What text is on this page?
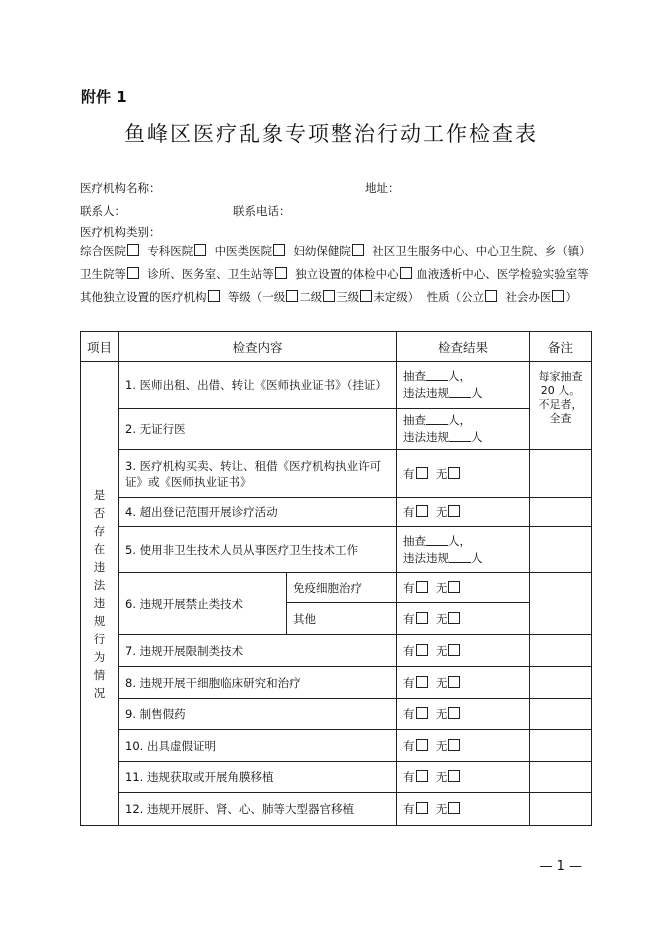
附件 1
鱼峰区医疗乱象专项整治行动工作检查表
医疗机构名称：	地址：
联系人：	联系电话：
医疗机构类别：
综合医院 专科医院 中医类医院 妇幼保健院 社区卫生服务中心、中心卫生院、乡（镇）卫生院等 诊所、医务室、卫生站等 独立设置的体检中心 血液透析中心、医学检验实验室等其他独立设置的医疗机构 等级（一级 二级 三级 未定级） 性质（公立 社会办医 ）
项目	检查内容		检查结果	备注

是否存在违法违规行为情况	1. 医师出租、出借、转让《医师执业证书》（挂证）		抽查 人，
违法违规 人	每家抽查 20 人。不足者，全查

	2. 无证行医		抽查 人，
违法违规 人	

	3. 医疗机构买卖、转让、租借《医疗机构执业许可证》或《医师执业证书》		有 无	
	4. 超出登记范围开展诊疗活动		有 无	
	5. 使用非卫生技术人员从事医疗卫生技术工作		抽查 人，
违法违规 人	

	6. 违规开展禁止类技术	免疫细胞治疗	有 无	
		其他	有 无	
	7. 违规开展限制类技术		有 无	
	8. 违规开展干细胞临床研究和治疗		有 无	
	9. 制售假药		有 无	
	10. 出具虚假证明		有 无	
	11. 违规获取或开展角膜移植		有 无	
	12. 违规开展肝、肾、心、肺等大型器官移植		有 无	
— 1 —
